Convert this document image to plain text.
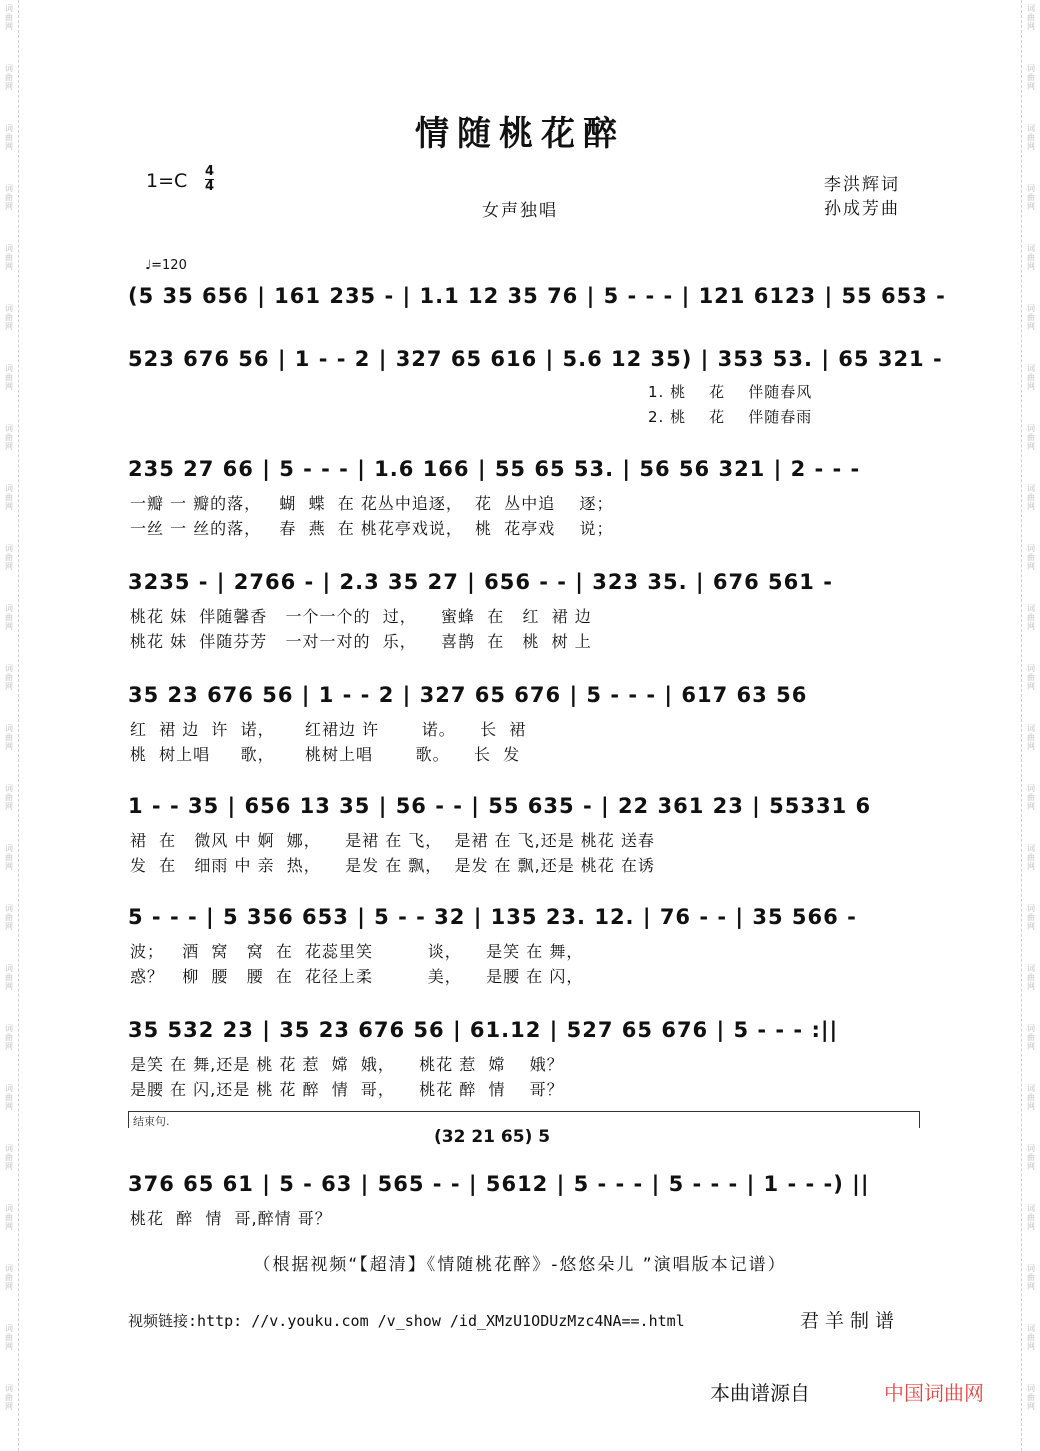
词
曲
网
词
曲
网
词
曲
网
词
曲
网
词
曲
网
词
曲
网
词
曲
网
词
曲
网
词
曲
网
词
曲
网
词
曲
网
词
曲
网
词
曲
网
词
曲
网
词
曲
网
词
曲
网
词
曲
网
词
曲
网
词
曲
网
词
曲
网
词
曲
网
词
曲
网
词
曲
网
词
曲
网
词
曲
网
词
曲
网
词
曲
网
词
曲
网
词
曲
网
词
曲
网
词
曲
网
词
曲
网
词
曲
网
词
曲
网
词
曲
网
词
曲
网
词
曲
网
词
曲
网
词
曲
网
词
曲
网
词
曲
网
词
曲
网
词
曲
网
词
曲
网
词
曲
网
词
曲
网
词
曲
网
词
曲
网
情随桃花醉
1=C 4
4
女声独唱
李洪辉词
孙成芳曲
♩=120
(5 35 656 | 161 235 - | 1.1 12 35 76 | 5 - - - | 121 6123 | 55 653 -
523 676 56 | 1 - - 2 | 327 65 616 | 5.6 12 35) | 353 53. | 65 321 -
1. 桃    花    伴随春风
2. 桃    花    伴随春雨
235 27 66 | 5 - - - | 1.6 166 | 55 65 53. | 56 56 321 | 2 - - -
一瓣 一 瓣的落，   蝴  蝶  在 花丛中追逐，  花  丛中追    逐；
一丝 一 丝的落，   春  燕  在 桃花亭戏说，  桃  花亭戏    说；
3235 - | 2766 - | 2.3 35 27 | 656 - - | 323 35. | 676 561 -
桃花 妹  伴随馨香   一个一个的  过，    蜜蜂  在   红  裙 边
桃花 妹  伴随芬芳   一对一对的  乐，    喜鹊  在   桃  树 上
35 23 676 56 | 1 - - 2 | 327 65 676 | 5 - - - | 617 63 56
红  裙 边  许  诺，     红裙边 许       诺。    长  裙
桃  树上唱     歌，     桃树上唱       歌。    长  发
1 - - 35 | 656 13 35 | 56 - - | 55 635 - | 22 361 23 | 55331 6
裙  在   微风 中 婀  娜，    是裙 在 飞，  是裙 在 飞,还是 桃花 送春
发  在   细雨 中 亲  热，    是发 在 飘，  是发 在 飘,还是 桃花 在诱
5 - - - | 5 356 653 | 5 - - 32 | 135 23. 12. | 76 - - | 35 566 -
波；   酒  窝   窝  在  花蕊里笑         谈，    是笑 在 舞，
惑？   柳  腰   腰  在  花径上柔         美，    是腰 在 闪，
35 532 23 | 35 23 676 56 | 61.12 | 527 65 676 | 5 - - - :||
是笑 在 舞,还是 桃 花 惹  嫦  娥，    桃花 惹  嫦    娥？
是腰 在 闪,还是 桃 花 醉  情  哥，    桃花 醉  情    哥？
结束句.
(32 21 65) 5
376 65 61 | 5 - 63 | 565 - - | 5612 | 5 - - - | 5 - - - | 1 - - -) ||
桃花  醉  情  哥,醉情 哥？
（根据视频“【超清】《情随桃花醉》-悠悠朵儿 ”演唱版本记谱）
视频链接:http: //v.youku.com /v_show /id_XMzU1ODUzMzc4NA==.html	君羊制谱
本曲谱源自	中国词曲网
